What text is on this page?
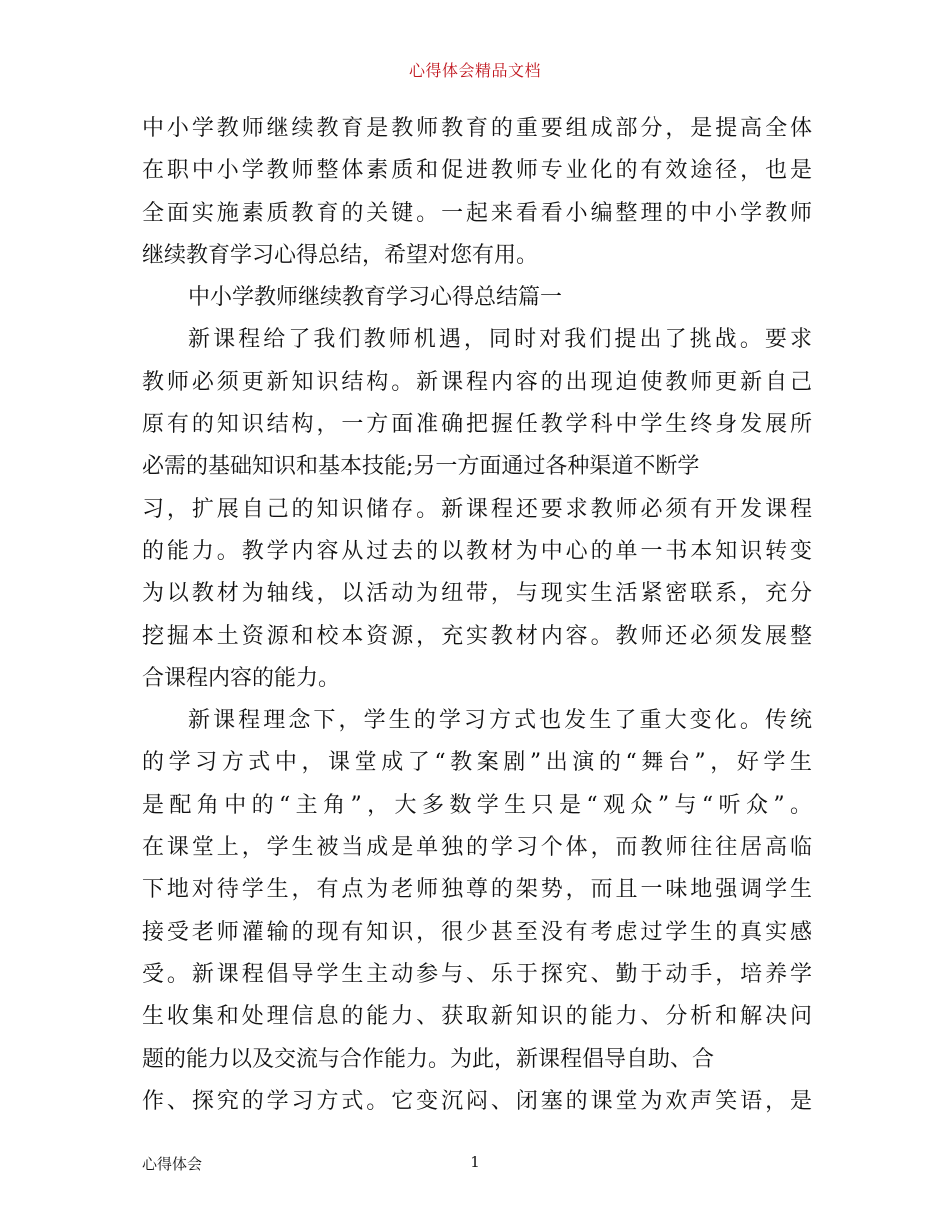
心得体会精品文档
中小学教师继续教育是教师教育的重要组成部分，是提高全体
在职中小学教师整体素质和促进教师专业化的有效途径，也是
全面实施素质教育的关键。一起来看看小编整理的中小学教师
继续教育学习心得总结，希望对您有用。
中小学教师继续教育学习心得总结篇一
新课程给了我们教师机遇，同时对我们提出了挑战。要求
教师必须更新知识结构。新课程内容的出现迫使教师更新自己
原有的知识结构，一方面准确把握任教学科中学生终身发展所
必需的基础知识和基本技能;另一方面通过各种渠道不断学
习，扩展自己的知识储存。新课程还要求教师必须有开发课程
的能力。教学内容从过去的以教材为中心的单一书本知识转变
为以教材为轴线，以活动为纽带，与现实生活紧密联系，充分
挖掘本土资源和校本资源，充实教材内容。教师还必须发展整
合课程内容的能力。
新课程理念下，学生的学习方式也发生了重大变化。传统
的学习方式中，课堂成了“教案剧”出演的“舞台”，好学生
是配角中的“主角”，大多数学生只是“观众”与“听众”。
在课堂上，学生被当成是单独的学习个体，而教师往往居高临
下地对待学生，有点为老师独尊的架势，而且一味地强调学生
接受老师灌输的现有知识，很少甚至没有考虑过学生的真实感
受。新课程倡导学生主动参与、乐于探究、勤于动手，培养学
生收集和处理信息的能力、获取新知识的能力、分析和解决问
题的能力以及交流与合作能力。为此，新课程倡导自助、合
作、探究的学习方式。它变沉闷、闭塞的课堂为欢声笑语，是
心得体会	1
